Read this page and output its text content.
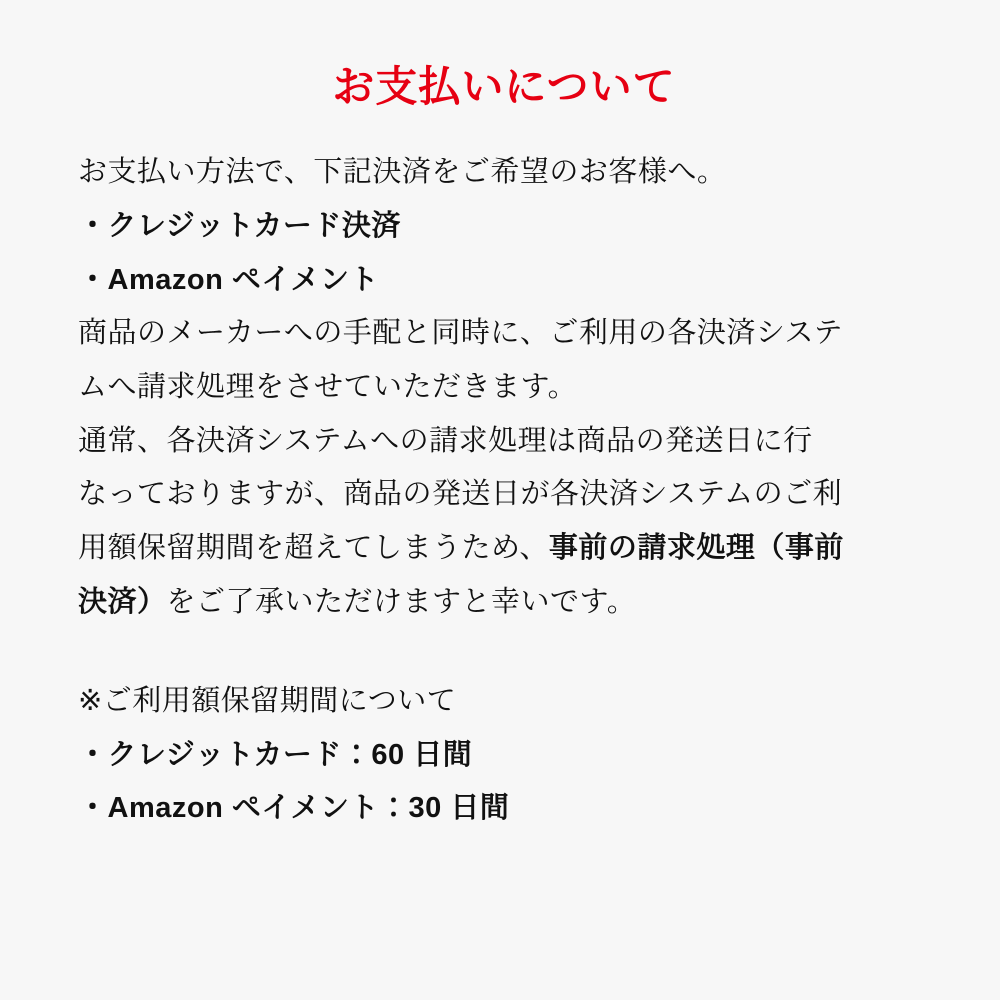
お支払いについて
お支払い方法で、下記決済をご希望のお客様へ。
・クレジットカード決済
・Amazon ペイメント
商品のメーカーへの手配と同時に、ご利用の各決済システ
ムへ請求処理をさせていただきます。
通常、各決済システムへの請求処理は商品の発送日に行
なっておりますが、商品の発送日が各決済システムのご利
用額保留期間を超えてしまうため、事前の請求処理（事前
決済）をご了承いただけますと幸いです。
※ご利用額保留期間について
・クレジットカード：60 日間
・Amazon ペイメント：30 日間
